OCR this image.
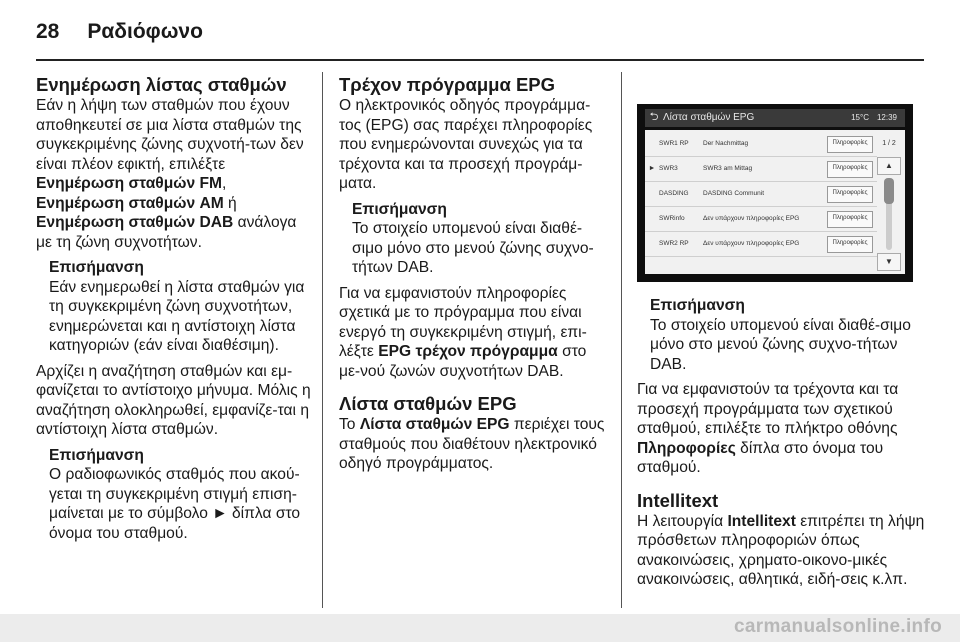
28 Ραδιόφωνο
Ενημέρωση λίστας σταθμών

Εάν η λήψη των σταθμών που έχουν αποθηκευτεί σε μια λίστα σταθμών της συγκεκριμένης ζώνης συχνοτή-των δεν είναι πλέον εφικτή, επιλέξτε Ενημέρωση σταθμών FM,
Ενημέρωση σταθμών AM ή
Ενημέρωση σταθμών DAB ανάλογα με τη ζώνη συχνοτήτων.

Επισήμανση
Εάν ενημερωθεί η λίστα σταθμών για τη συγκεκριμένη ζώνη συχνοτήτων, ενημερώνεται και η αντίστοιχη λίστα κατηγοριών (εάν είναι διαθέσιμη).

Αρχίζει η αναζήτηση σταθμών και εμ-φανίζεται το αντίστοιχο μήνυμα. Μόλις η αναζήτηση ολοκληρωθεί, εμφανίζε-ται η αντίστοιχη λίστα σταθμών.

Επισήμανση
Ο ραδιοφωνικός σταθμός που ακού-γεται τη συγκεκριμένη στιγμή επιση-μαίνεται με το σύμβολο ► δίπλα στο όνομα του σταθμού.
Τρέχον πρόγραμμα EPG

Ο ηλεκτρονικός οδηγός προγράμμα-τος (EPG) σας παρέχει πληροφορίες που ενημερώνονται συνεχώς για τα τρέχοντα και τα προσεχή προγράμ-ματα.

Επισήμανση
Το στοιχείο υπομενού είναι διαθέ-σιμο μόνο στο μενού ζώνης συχνο-τήτων DAB.

Για να εμφανιστούν πληροφορίες σχετικά με το πρόγραμμα που είναι ενεργό τη συγκεκριμένη στιγμή, επι-λέξτε EPG τρέχον πρόγραμμα στο με-νού ζωνών συχνοτήτων DAB.

Λίστα σταθμών EPG

Το Λίστα σταθμών EPG περιέχει τους σταθμούς που διαθέτουν ηλεκτρονικό οδηγό προγράμματος.

⮌ Λίστα σταθμών EPG	15°C 12:39
SWR1 RP	Der Nachmittag	Πληροφορίες
► SWR3	SWR3 am Mittag	Πληροφορίες
DASDING	DASDING Communit	Πληροφορίες
SWRinfo	Δεν υπάρχουν πληροφορίες EPG	Πληροφορίες
SWR2 RP	Δεν υπάρχουν πληροφορίες EPG	Πληροφορίες
1 / 2
▲
▼
Επισήμανση
Το στοιχείο υπομενού είναι διαθέ-σιμο μόνο στο μενού ζώνης συχνο-τήτων DAB.

Για να εμφανιστούν τα τρέχοντα και τα προσεχή προγράμματα των σχετικού σταθμού, επιλέξτε το πλήκτρο οθόνης Πληροφορίες δίπλα στο όνομα του σταθμού.

Intellitext

Η λειτουργία Intellitext επιτρέπει τη λήψη πρόσθετων πληροφοριών όπως ανακοινώσεις, χρηματο-οικονο-μικές ανακοινώσεις, αθλητικά, ειδή-σεις κ.λπ.

carmanualsonline.info
